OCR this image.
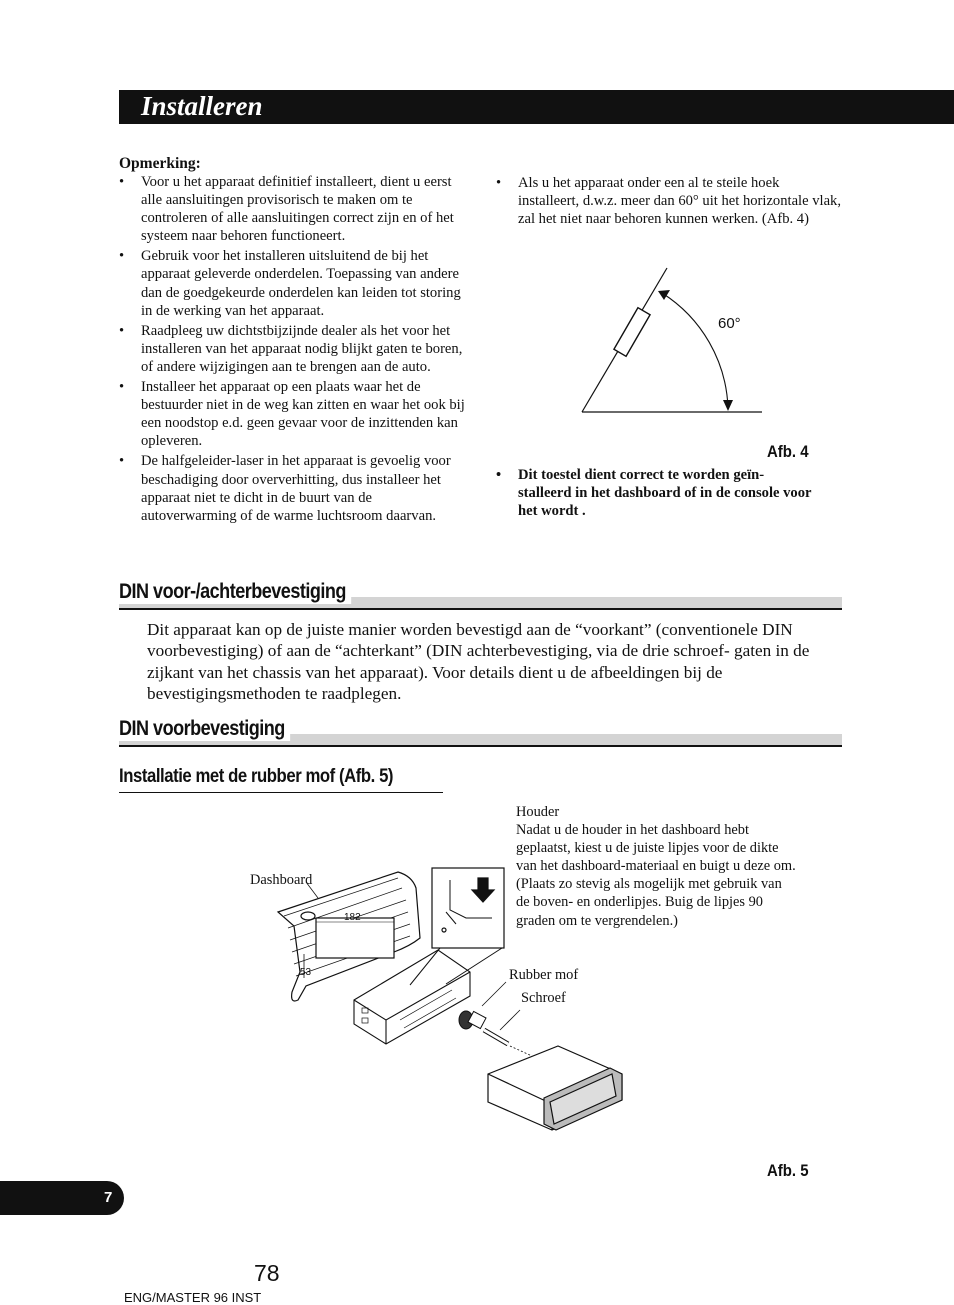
Installeren
Opmerking:
• Voor u het apparaat definitief installeert, dient u eerst alle aansluitingen provisorisch te maken om te controleren of alle aansluitingen correct zijn en of het systeem naar behoren functioneert.
• Gebruik voor het installeren uitsluitend de bij het apparaat geleverde onderdelen. Toepassing van andere dan de goedgekeurde onderdelen kan leiden tot storing in de werking van het apparaat.
• Raadpleeg uw dichtstbijzijnde dealer als het voor het installeren van het apparaat nodig blijkt gaten te boren, of andere wijzigingen aan te brengen aan de auto.
• Installeer het apparaat op een plaats waar het de bestuurder niet in de weg kan zitten en waar het ook bij een noodstop e.d. geen gevaar voor de inzittenden kan opleveren.
• De halfgeleider-laser in het apparaat is gevoelig voor beschadiging door oververhitting, dus installeer het apparaat niet te dicht in de buurt van de autoverwarming of de warme luchtsroom daarvan.
• Als u het apparaat onder een al te steile hoek installeert, d.w.z. meer dan 60° uit het horizontale vlak, zal het niet naar behoren kunnen werken. (Afb. 4)
60°
Afb. 4
• Dit toestel dient correct te worden geïn- stalleerd in het dashboard of in de console voor het wordt .
DIN voor-/achterbevestiging
Dit apparaat kan op de juiste manier worden bevestigd aan de “voorkant” (conventionele DIN voorbevestiging) of aan de “achterkant” (DIN achterbevestiging, via de drie schroef- gaten in de zijkant van het chassis van het apparaat). Voor details dient u de afbeeldingen bij de bevestigingsmethoden te raadplegen.
DIN voorbevestiging
Installatie met de rubber mof (Afb. 5)
182
53
Dashboard
Houder
Nadat u de houder in het dashboard hebt geplaatst, kiest u de juiste lipjes voor de dikte van het dashboard-materiaal en buigt u deze om. (Plaats zo stevig als mogelijk met gebruik van de boven- en onderlipjes. Buig de lipjes 90 graden om te vergrendelen.)
Rubber mof
Schroef
Afb. 5
7
78
ENG/MASTER 96 INST
